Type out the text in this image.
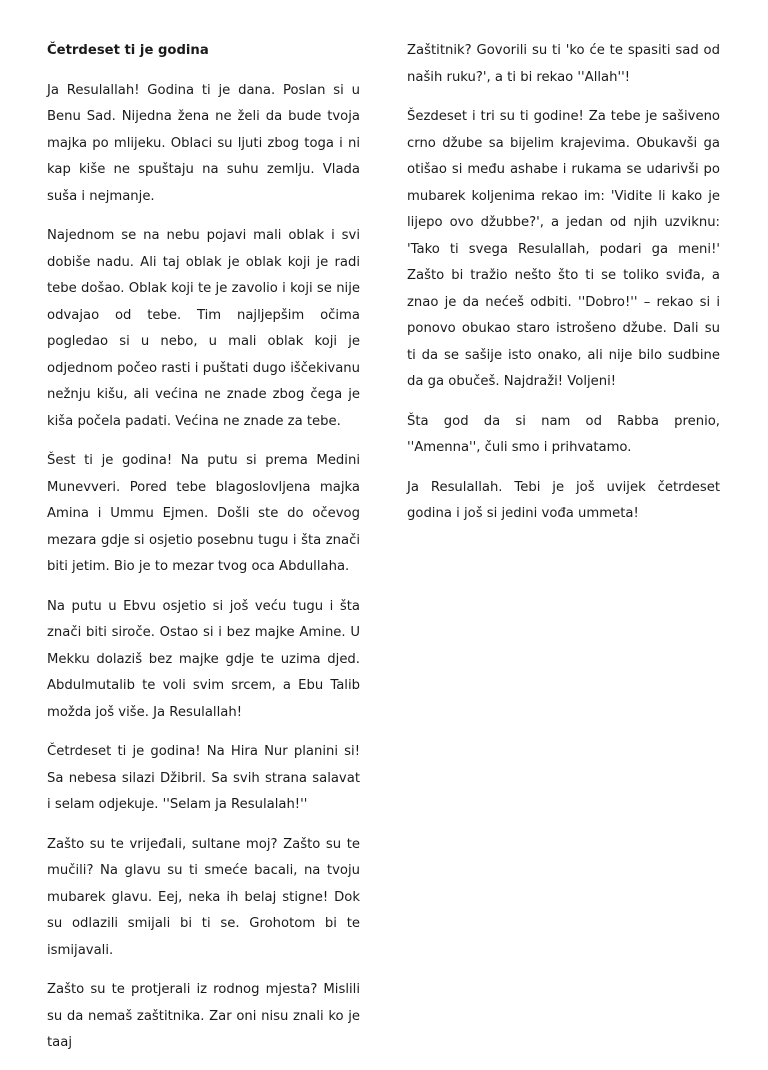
Četrdeset ti je godina

Ja Resulallah! Godina ti je dana. Poslan si u Benu Sad. Nijedna žena ne želi da bude tvoja majka po mlijeku. Oblaci su ljuti zbog toga i ni kap kiše ne spuštaju na suhu zemlju. Vlada suša i nejmanje.

Najednom se na nebu pojavi mali oblak i svi dobiše nadu. Ali taj oblak je oblak koji je radi tebe došao. Oblak koji te je zavolio i koji se nije odvajao od tebe. Tim najljepšim očima pogledao si u nebo, u mali oblak koji je odjednom počeo rasti i puštati dugo iščekivanu nežnju kišu, ali većina ne znade zbog čega je kiša počela padati. Većina ne znade za tebe.

Šest ti je godina! Na putu si prema Medini Munevveri. Pored tebe blagoslovljena majka Amina i Ummu Ejmen. Došli ste do očevog mezara gdje si osjetio posebnu tugu i šta znači biti jetim. Bio je to mezar tvog oca Abdullaha.

Na putu u Ebvu osjetio si još veću tugu i šta znači biti siroče. Ostao si i bez majke Amine. U Mekku dolaziš bez majke gdje te uzima djed. Abdulmutalib te voli svim srcem, a Ebu Talib možda još više. Ja Resulallah!

Četrdeset ti je godina! Na Hira Nur planini si! Sa nebesa silazi Džibril. Sa svih strana salavat i selam odjekuje. ''Selam ja Resulalah!''

Zašto su te vrijeđali, sultane moj? Zašto su te mučili? Na glavu su ti smeće bacali, na tvoju mubarek glavu. Eej, neka ih belaj stigne! Dok su odlazili smijali bi ti se. Grohotom bi te ismijavali.

Zašto su te protjerali iz rodnog mjesta? Mislili su da nemaš zaštitnika. Zar oni nisu znali ko je taaj

Zaštitnik? Govorili su ti 'ko će te spasiti sad od naših ruku?', a ti bi rekao ''Allah''!

Šezdeset i tri su ti godine! Za tebe je sašiveno crno džube sa bijelim krajevima. Obukavši ga otišao si među ashabe i rukama se udarivši po mubarek koljenima rekao im: 'Vidite li kako je lijepo ovo džubbe?', a jedan od njih uzviknu: 'Tako ti svega Resulallah, podari ga meni!' Zašto bi tražio nešto što ti se toliko sviđa, a znao je da nećeš odbiti. ''Dobro!'' – rekao si i ponovo obukao staro istrošeno džube. Dali su ti da se sašije isto onako, ali nije bilo sudbine da ga obučeš. Najdraži! Voljeni!

Šta god da si nam od Rabba prenio, ''Amenna'', čuli smo i prihvatamo.

Ja Resulallah. Tebi je još uvijek četrdeset godina i još si jedini vođa ummeta!
